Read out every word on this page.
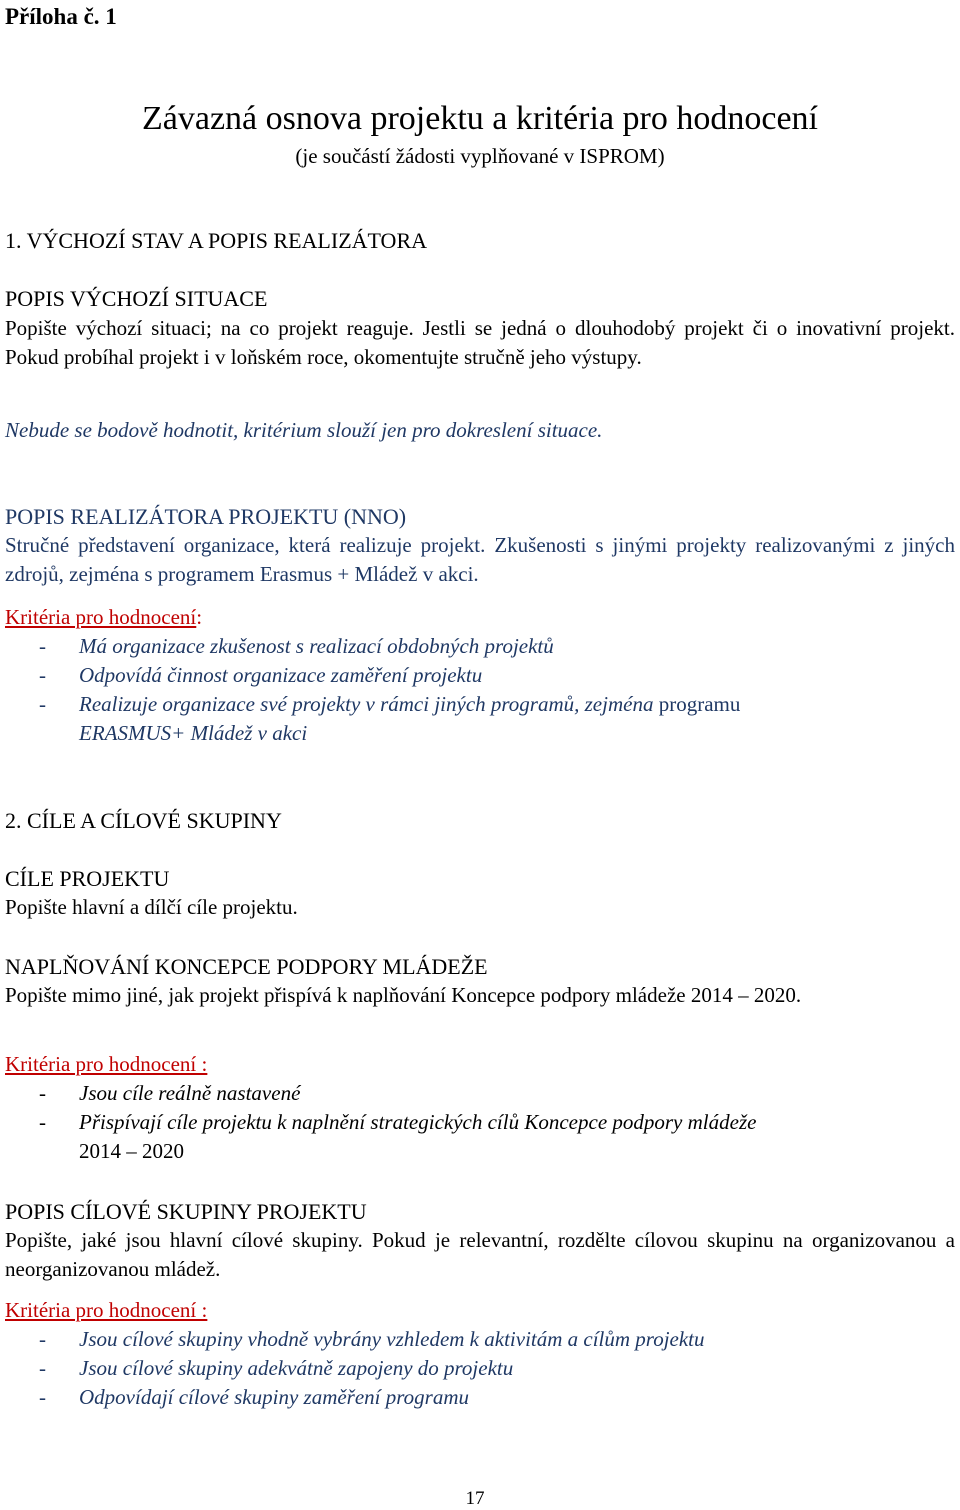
Příloha č. 1
Závazná osnova projektu a kritéria pro hodnocení
(je součástí žádosti vyplňované v ISPROM)
1. VÝCHOZÍ STAV A POPIS REALIZÁTORA
POPIS VÝCHOZÍ SITUACE
Popište výchozí situaci; na co projekt reaguje. Jestli se jedná o dlouhodobý projekt či o inovativní projekt. Pokud probíhal projekt i v loňském roce, okomentujte stručně jeho výstupy.
Nebude se bodově hodnotit, kritérium slouží jen pro dokreslení situace.
POPIS REALIZÁTORA PROJEKTU (NNO)
Stručné představení organizace, která realizuje projekt. Zkušenosti s jinými projekty realizovanými z jiných zdrojů, zejména s programem Erasmus + Mládež v akci.
Kritéria pro hodnocení:
- Má organizace zkušenost s realizací obdobných projektů
- Odpovídá činnost organizace zaměření projektu
- Realizuje organizace své projekty v rámci jiných programů, zejména programu
ERASMUS+ Mládež v akci
2. CÍLE A CÍLOVÉ SKUPINY
CÍLE PROJEKTU
Popište hlavní a dílčí cíle projektu.
NAPLŇOVÁNÍ KONCEPCE PODPORY MLÁDEŽE
Popište mimo jiné, jak projekt přispívá k naplňování Koncepce podpory mládeže 2014 – 2020.
Kritéria pro hodnocení :
- Jsou cíle reálně nastavené
- Přispívají cíle projektu k naplnění strategických cílů Koncepce podpory mládeže
2014 – 2020
POPIS CÍLOVÉ SKUPINY PROJEKTU
Popište, jaké jsou hlavní cílové skupiny. Pokud je relevantní, rozdělte cílovou skupinu na organizovanou a neorganizovanou mládež.
Kritéria pro hodnocení :
- Jsou cílové skupiny vhodně vybrány vzhledem k aktivitám a cílům projektu
- Jsou cílové skupiny adekvátně zapojeny do projektu
- Odpovídají cílové skupiny zaměření programu
17
